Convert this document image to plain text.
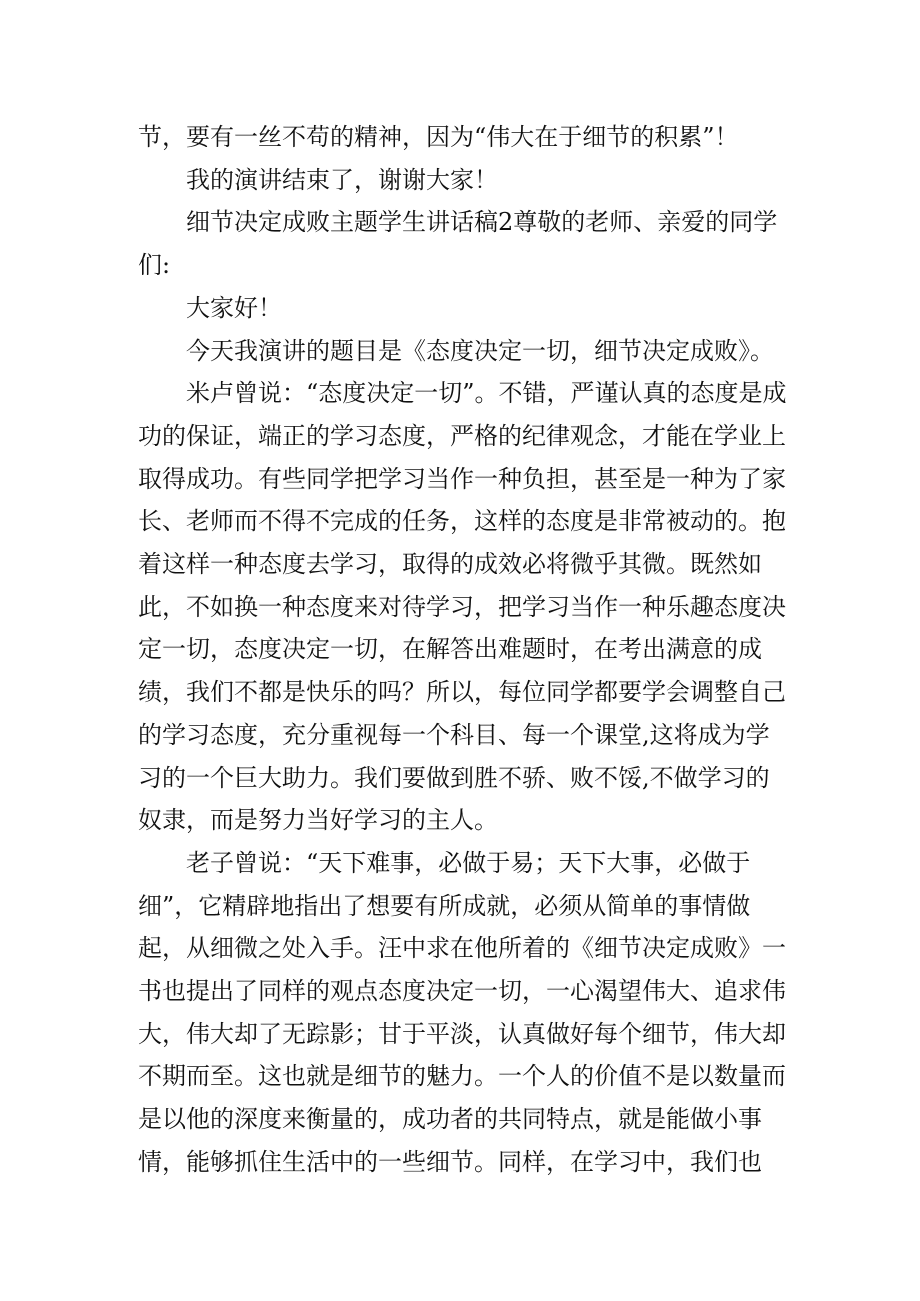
节，要有一丝不苟的精神，因为“伟大在于细节的积累”！

我的演讲结束了，谢谢大家！

细节决定成败主题学生讲话稿2尊敬的老师、亲爱的同学们:

大家好！

今天我演讲的题目是《态度决定一切，细节决定成败》。

米卢曾说：“态度决定一切”。不错，严谨认真的态度是成功的保证，端正的学习态度，严格的纪律观念，才能在学业上取得成功。有些同学把学习当作一种负担，甚至是一种为了家长、老师而不得不完成的任务，这样的态度是非常被动的。抱着这样一种态度去学习，取得的成效必将微乎其微。既然如此，不如换一种态度来对待学习，把学习当作一种乐趣态度决定一切，态度决定一切，在解答出难题时，在考出满意的成绩，我们不都是快乐的吗？所以，每位同学都要学会调整自己的学习态度，充分重视每一个科目、每一个课堂,这将成为学习的一个巨大助力。我们要做到胜不骄、败不馁,不做学习的奴隶，而是努力当好学习的主人。

老子曾说：“天下难事，必做于易；天下大事，必做于细”，它精辟地指出了想要有所成就，必须从简单的事情做起，从细微之处入手。汪中求在他所着的《细节决定成败》一书也提出了同样的观点态度决定一切，一心渴望伟大、追求伟大，伟大却了无踪影；甘于平淡，认真做好每个细节，伟大却不期而至。这也就是细节的魅力。一个人的价值不是以数量而是以他的深度来衡量的，成功者的共同特点，就是能做小事情，能够抓住生活中的一些细节。同样，在学习中，我们也
